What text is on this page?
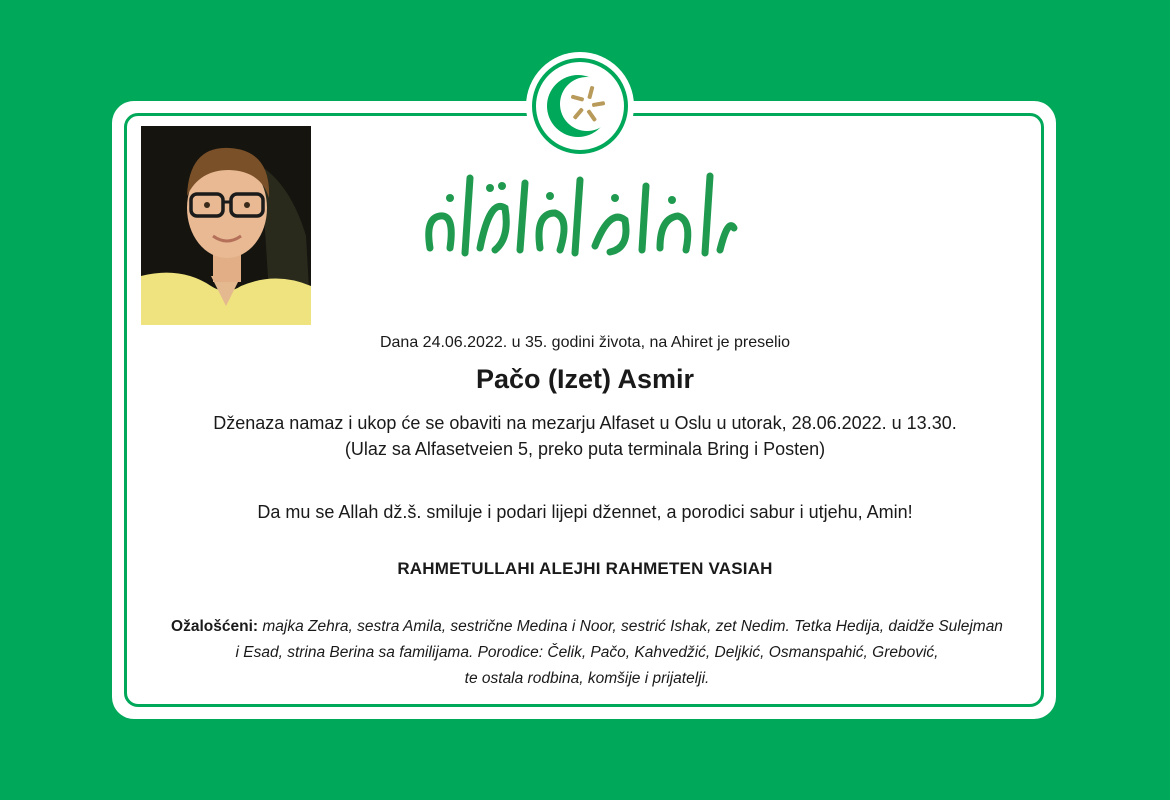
Dana 24.06.2022. u 35. godini života, na Ahiret je preselio
Pačo (Izet) Asmir
Dženaza namaz i ukop će se obaviti na mezarju Alfaset u Oslu u utorak, 28.06.2022. u 13.30.
(Ulaz sa Alfasetveien 5, preko puta terminala Bring i Posten)
Da mu se Allah dž.š. smiluje i podari lijepi džennet, a porodici sabur i utjehu, Amin!
RAHMETULLAHI ALEJHI RAHMETEN VASIAH
Ožalošćeni: majka Zehra, sestra Amila, sestrične Medina i Noor, sestrić Ishak, zet Nedim. Tetka Hedija, daidže Sulejman
i Esad, strina Berina sa familijama. Porodice: Čelik, Pačo, Kahvedžić, Deljkić, Osmanspahić, Grebović,
te ostala rodbina, komšije i prijatelji.
